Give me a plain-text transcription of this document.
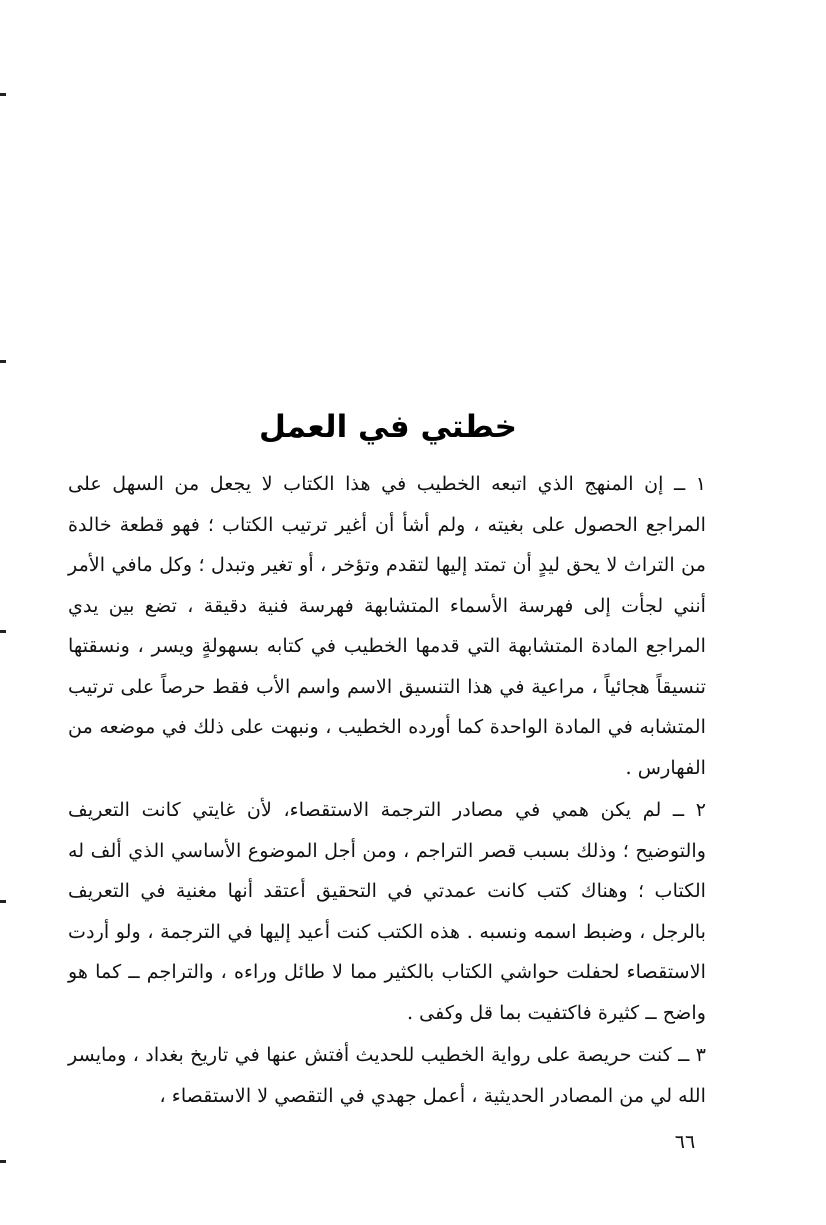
خطتي في العمل

١ ــ إن المنهج الذي اتبعه الخطيب في هذا الكتاب لا يجعل من السهل على المراجع الحصول على بغيته ، ولم أشأ أن أغير ترتيب الكتاب ؛ فهو قطعة خالدة من التراث لا يحق ليدٍ أن تمتد إليها لتقدم وتؤخر ، أو تغير وتبدل ؛ وكل مافي الأمر أنني لجأت إلى فهرسة الأسماء المتشابهة فهرسة فنية دقيقة ، تضع بين يدي المراجع المادة المتشابهة التي قدمها الخطيب في كتابه بسهولةٍ ويسر ، ونسقتها تنسيقاً هجائياً ، مراعية في هذا التنسيق الاسم واسم الأب فقط حرصاً على ترتيب المتشابه في المادة الواحدة كما أورده الخطيب ، ونبهت على ذلك في موضعه من الفهارس .

٢ ــ لم يكن همي في مصادر الترجمة الاستقصاء، لأن غايتي كانت التعريف والتوضيح ؛ وذلك بسبب قصر التراجم ، ومن أجل الموضوع الأساسي الذي ألف له الكتاب ؛ وهناك كتب كانت عمدتي في التحقيق أعتقد أنها مغنية في التعريف بالرجل ، وضبط اسمه ونسبه . هذه الكتب كنت أعيد إليها في الترجمة ، ولو أردت الاستقصاء لحفلت حواشي الكتاب بالكثير مما لا طائل وراءه ، والتراجم ــ كما هو واضح ــ كثيرة فاكتفيت بما قل وكفى .

٣ ــ كنت حريصة على رواية الخطيب للحديث أفتش عنها في تاريخ بغداد ، ومايسر الله لي من المصادر الحديثية ، أعمل جهدي في التقصي لا الاستقصاء ،

٦٦
